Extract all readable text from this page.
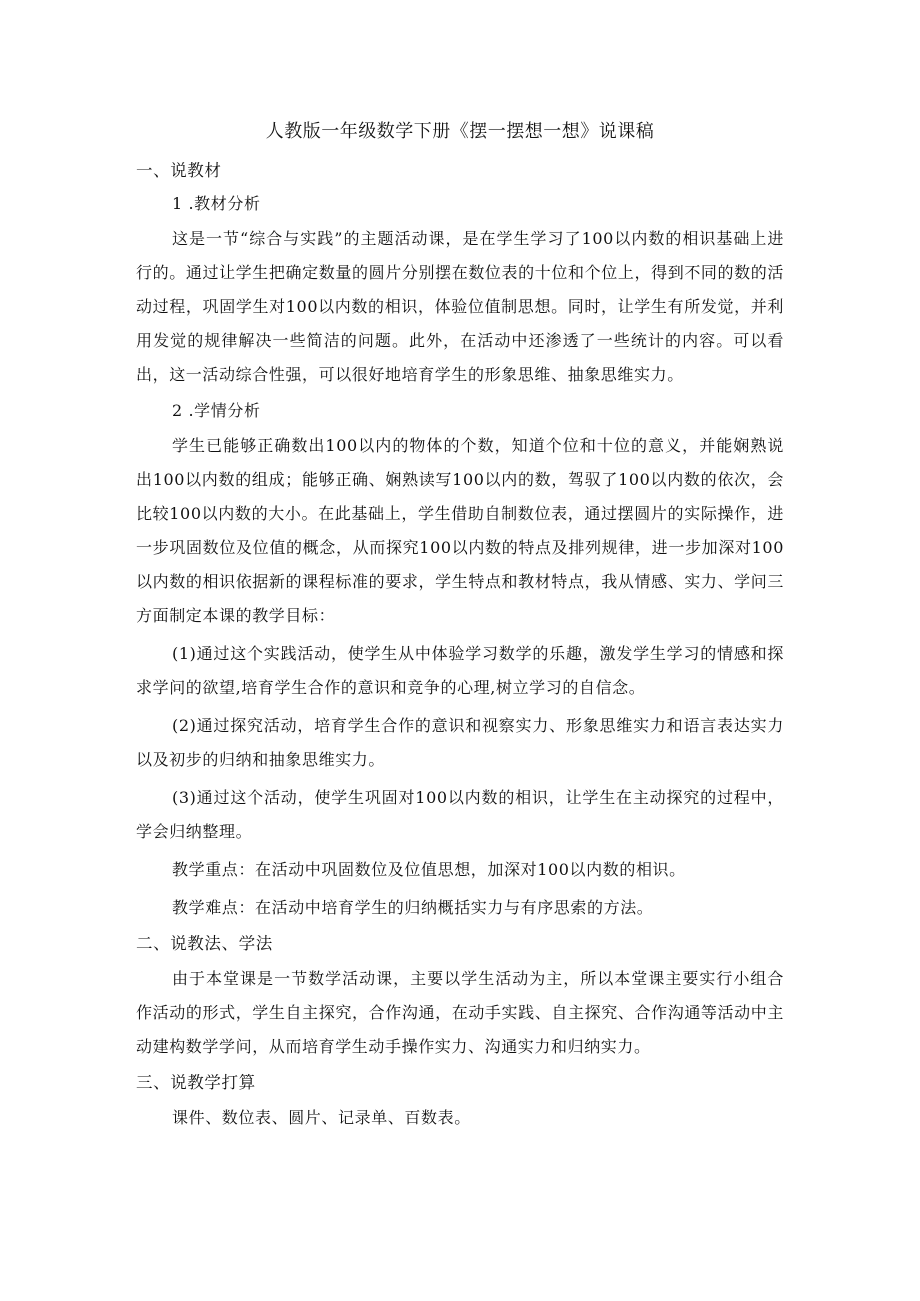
人教版一年级数学下册《摆一摆想一想》说课稿
一、说教材
1 .教材分析

这是一节“综合与实践”的主题活动课，是在学生学习了100以内数的相识基础上进行的。通过让学生把确定数量的圆片分别摆在数位表的十位和个位上，得到不同的数的活动过程，巩固学生对100以内数的相识，体验位值制思想。同时，让学生有所发觉，并利用发觉的规律解决一些简洁的问题。此外，在活动中还渗透了一些统计的内容。可以看出，这一活动综合性强，可以很好地培育学生的形象思维、抽象思维实力。

2 .学情分析

学生已能够正确数出100以内的物体的个数，知道个位和十位的意义，并能娴熟说出100以内数的组成；能够正确、娴熟读写100以内的数，驾驭了100以内数的依次，会比较100以内数的大小。在此基础上，学生借助自制数位表，通过摆圆片的实际操作，进一步巩固数位及位值的概念，从而探究100以内数的特点及排列规律，进一步加深对100以内数的相识依据新的课程标准的要求，学生特点和教材特点，我从情感、实力、学问三方面制定本课的教学目标：

(1)通过这个实践活动，使学生从中体验学习数学的乐趣，激发学生学习的情感和探求学问的欲望,培育学生合作的意识和竞争的心理,树立学习的自信念。

(2)通过探究活动，培育学生合作的意识和视察实力、形象思维实力和语言表达实力以及初步的归纳和抽象思维实力。

(3)通过这个活动，使学生巩固对100以内数的相识，让学生在主动探究的过程中，学会归纳整理。

教学重点：在活动中巩固数位及位值思想，加深对100以内数的相识。
教学难点：在活动中培育学生的归纳概括实力与有序思索的方法。
二、说教法、学法

由于本堂课是一节数学活动课，主要以学生活动为主，所以本堂课主要实行小组合作活动的形式，学生自主探究，合作沟通，在动手实践、自主探究、合作沟通等活动中主动建构数学学问，从而培育学生动手操作实力、沟通实力和归纳实力。

三、说教学打算
课件、数位表、圆片、记录单、百数表。
